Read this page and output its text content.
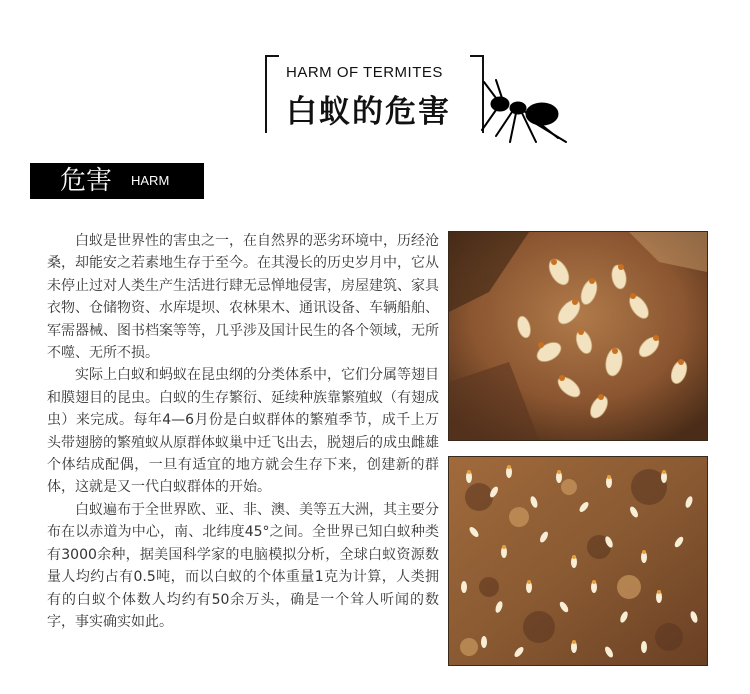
HARM OF TERMITES
白蚁的危害
危害 HARM

白蚁是世界性的害虫之一，在自然界的恶劣环境中，历经沧桑，却能安之若素地生存于至今。在其漫长的历史岁月中，它从未停止过对人类生产生活进行肆无忌惮地侵害，房屋建筑、家具衣物、仓储物资、水库堤坝、农林果木、通讯设备、车辆船舶、军需器械、图书档案等等，几乎涉及国计民生的各个领域，无所不噬、无所不损。

实际上白蚁和蚂蚁在昆虫纲的分类体系中，它们分属等翅目和膜翅目的昆虫。白蚁的生存繁衍、延续种族靠繁殖蚁（有翅成虫）来完成。每年4—6月份是白蚁群体的繁殖季节，成千上万头带翅膀的繁殖蚁从原群体蚁巢中迁飞出去，脱翅后的成虫雌雄个体结成配偶，一旦有适宜的地方就会生存下来，创建新的群体，这就是又一代白蚁群体的开始。

白蚁遍布于全世界欧、亚、非、澳、美等五大洲，其主要分布在以赤道为中心，南、北纬度45°之间。全世界已知白蚁种类有3000余种，据美国科学家的电脑模拟分析，全球白蚁资源数量人均约占有0.5吨，而以白蚁的个体重量1克为计算，人类拥有的白蚁个体数人均约有50余万头，确是一个耸人听闻的数字，事实确实如此。
